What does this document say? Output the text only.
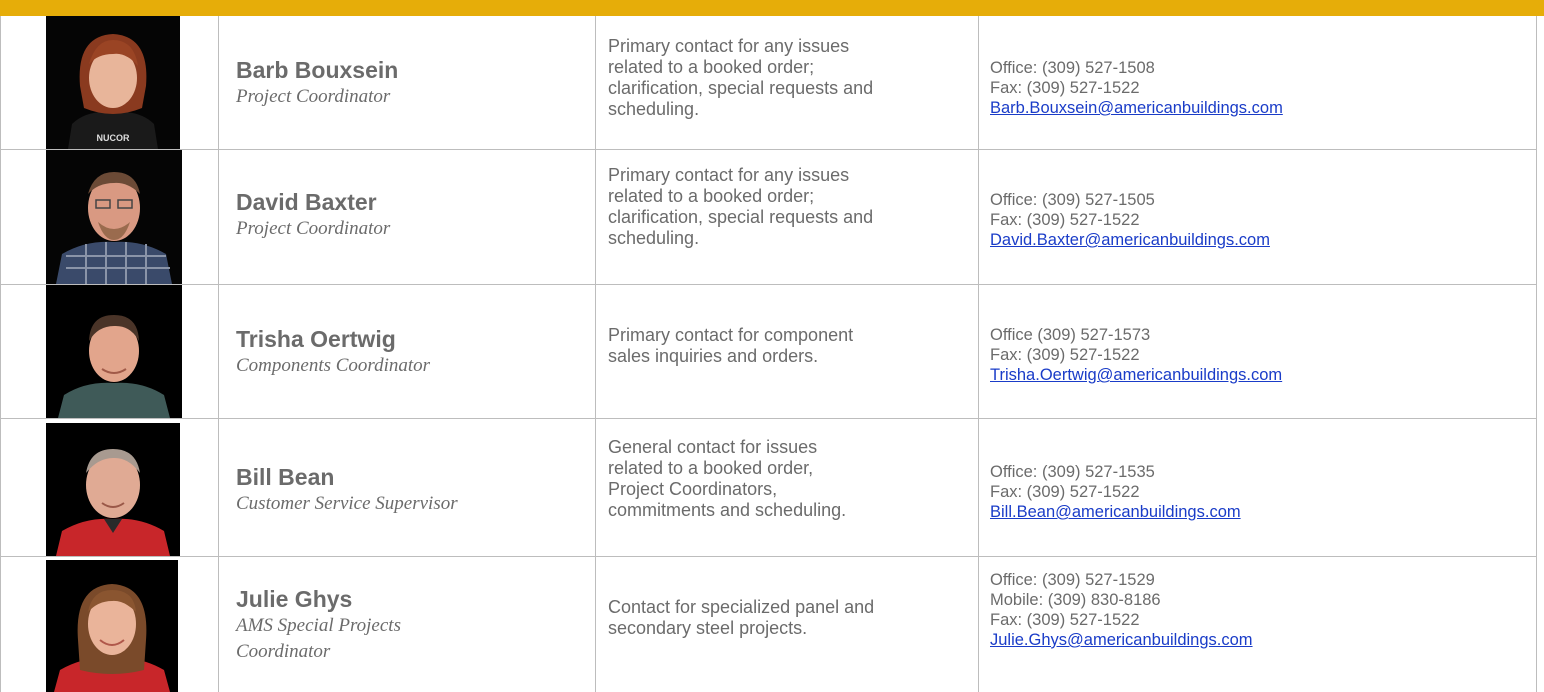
NUCOR
Barb Bouxsein
Project Coordinator
Primary contact for any issues
related to a booked order;
clarification, special requests and
scheduling.
Office: (309) 527-1508
Fax: (309) 527-1522
Barb.Bouxsein@americanbuildings.com
David Baxter
Project Coordinator
Primary contact for any issues
related to a booked order;
clarification, special requests and
scheduling.
Office: (309) 527-1505
Fax: (309) 527-1522
David.Baxter@americanbuildings.com
Trisha Oertwig
Components Coordinator
Primary contact for component
sales inquiries and orders.
Office (309) 527-1573
Fax: (309) 527-1522
Trisha.Oertwig@americanbuildings.com
Bill Bean
Customer Service Supervisor
General contact for issues
related to a booked order,
Project Coordinators,
commitments and scheduling.
Office: (309) 527-1535
Fax: (309) 527-1522
Bill.Bean@americanbuildings.com
Julie Ghys
AMS Special Projects Coordinator
Contact for specialized panel and
secondary steel projects.
Office: (309) 527-1529
Mobile: (309) 830-8186
Fax: (309) 527-1522
Julie.Ghys@americanbuildings.com
